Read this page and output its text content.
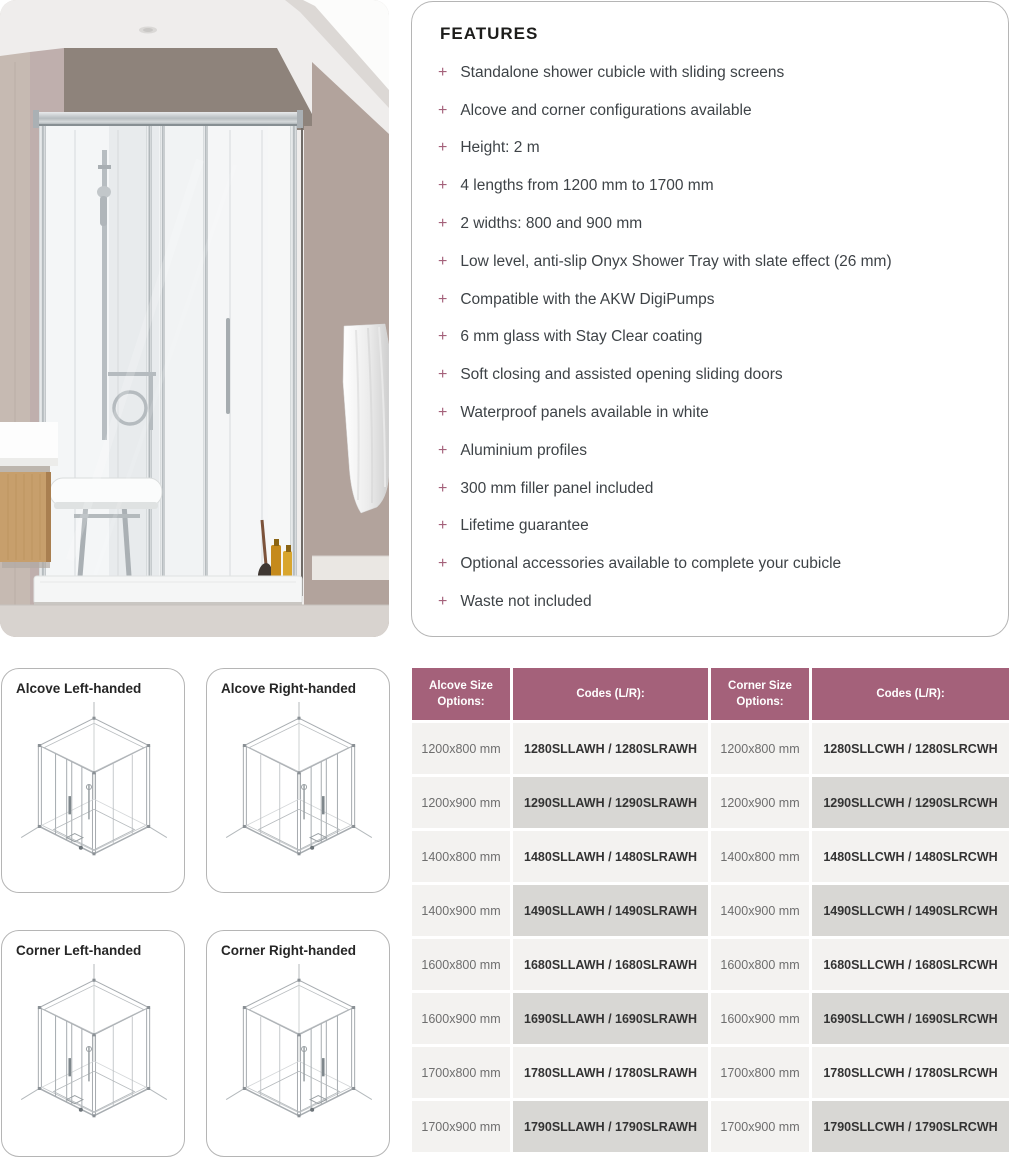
FEATURES
+ Standalone shower cubicle with sliding screens
+ Alcove and corner configurations available
+ Height: 2 m
+ 4 lengths from 1200 mm to 1700 mm
+ 2 widths: 800 and 900 mm
+ Low level, anti-slip Onyx Shower Tray with slate effect (26 mm)
+ Compatible with the AKW DigiPumps
+ 6 mm glass with Stay Clear coating
+ Soft closing and assisted opening sliding doors
+ Waterproof panels available in white
+ Aluminium profiles
+ 300 mm filler panel included
+ Lifetime guarantee
+ Optional accessories available to complete your cubicle
+ Waste not included
Alcove Left-handed	Alcove Right-handed
Corner Left-handed	Corner Right-handed
Alcove Size Options:	Codes (L/R):	Corner Size Options:	Codes (L/R):
1200x800 mm	1280SLLAWH / 1280SLRAWH	1200x800 mm	1280SLLCWH / 1280SLRCWH
1200x900 mm	1290SLLAWH / 1290SLRAWH	1200x900 mm	1290SLLCWH / 1290SLRCWH
1400x800 mm	1480SLLAWH / 1480SLRAWH	1400x800 mm	1480SLLCWH / 1480SLRCWH
1400x900 mm	1490SLLAWH / 1490SLRAWH	1400x900 mm	1490SLLCWH / 1490SLRCWH
1600x800 mm	1680SLLAWH / 1680SLRAWH	1600x800 mm	1680SLLCWH / 1680SLRCWH
1600x900 mm	1690SLLAWH / 1690SLRAWH	1600x900 mm	1690SLLCWH / 1690SLRCWH
1700x800 mm	1780SLLAWH / 1780SLRAWH	1700x800 mm	1780SLLCWH / 1780SLRCWH
1700x900 mm	1790SLLAWH / 1790SLRAWH	1700x900 mm	1790SLLCWH / 1790SLRCWH
